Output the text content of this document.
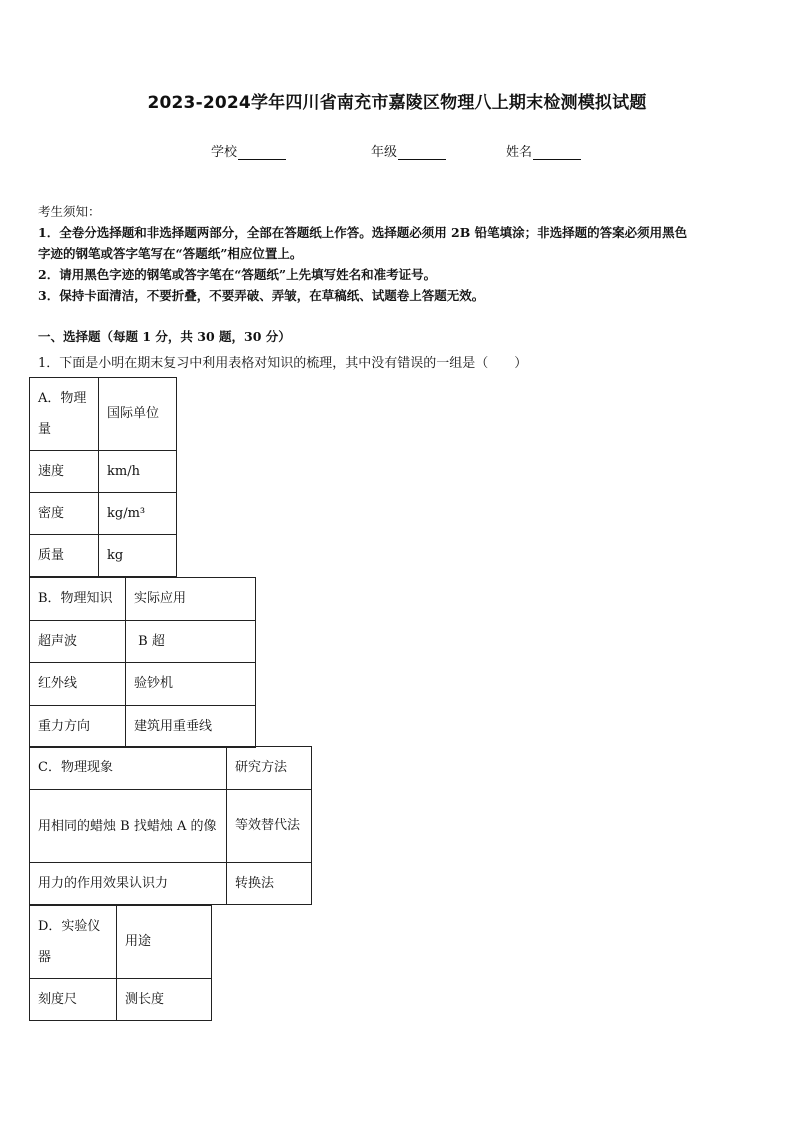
2023-2024学年四川省南充市嘉陵区物理八上期末检测模拟试题
学校	年级	姓名

考生须知：

1．全卷分选择题和非选择题两部分，全部在答题纸上作答。选择题必须用 2B 铅笔填涂；非选择题的答案必须用黑色

字迹的钢笔或答字笔写在“答题纸”相应位置上。

2．请用黑色字迹的钢笔或答字笔在“答题纸”上先填写姓名和准考证号。

3．保持卡面清洁，不要折叠，不要弄破、弄皱，在草稿纸、试题卷上答题无效。

一、选择题（每题 1 分，共 30 题，30 分）
1．下面是小明在期末复习中利用表格对知识的梳理，其中没有错误的一组是（　　）
A．物理量	国际单位
速度	km/h
密度	kg/m³
质量	kg
B．物理知识	实际应用
超声波	B 超
红外线	验钞机
重力方向	建筑用重垂线
C．物理现象	研究方法
用相同的蜡烛 B 找蜡烛 A 的像	等效替代法
用力的作用效果认识力	转换法
D．实验仪器	用途
刻度尺	测长度
